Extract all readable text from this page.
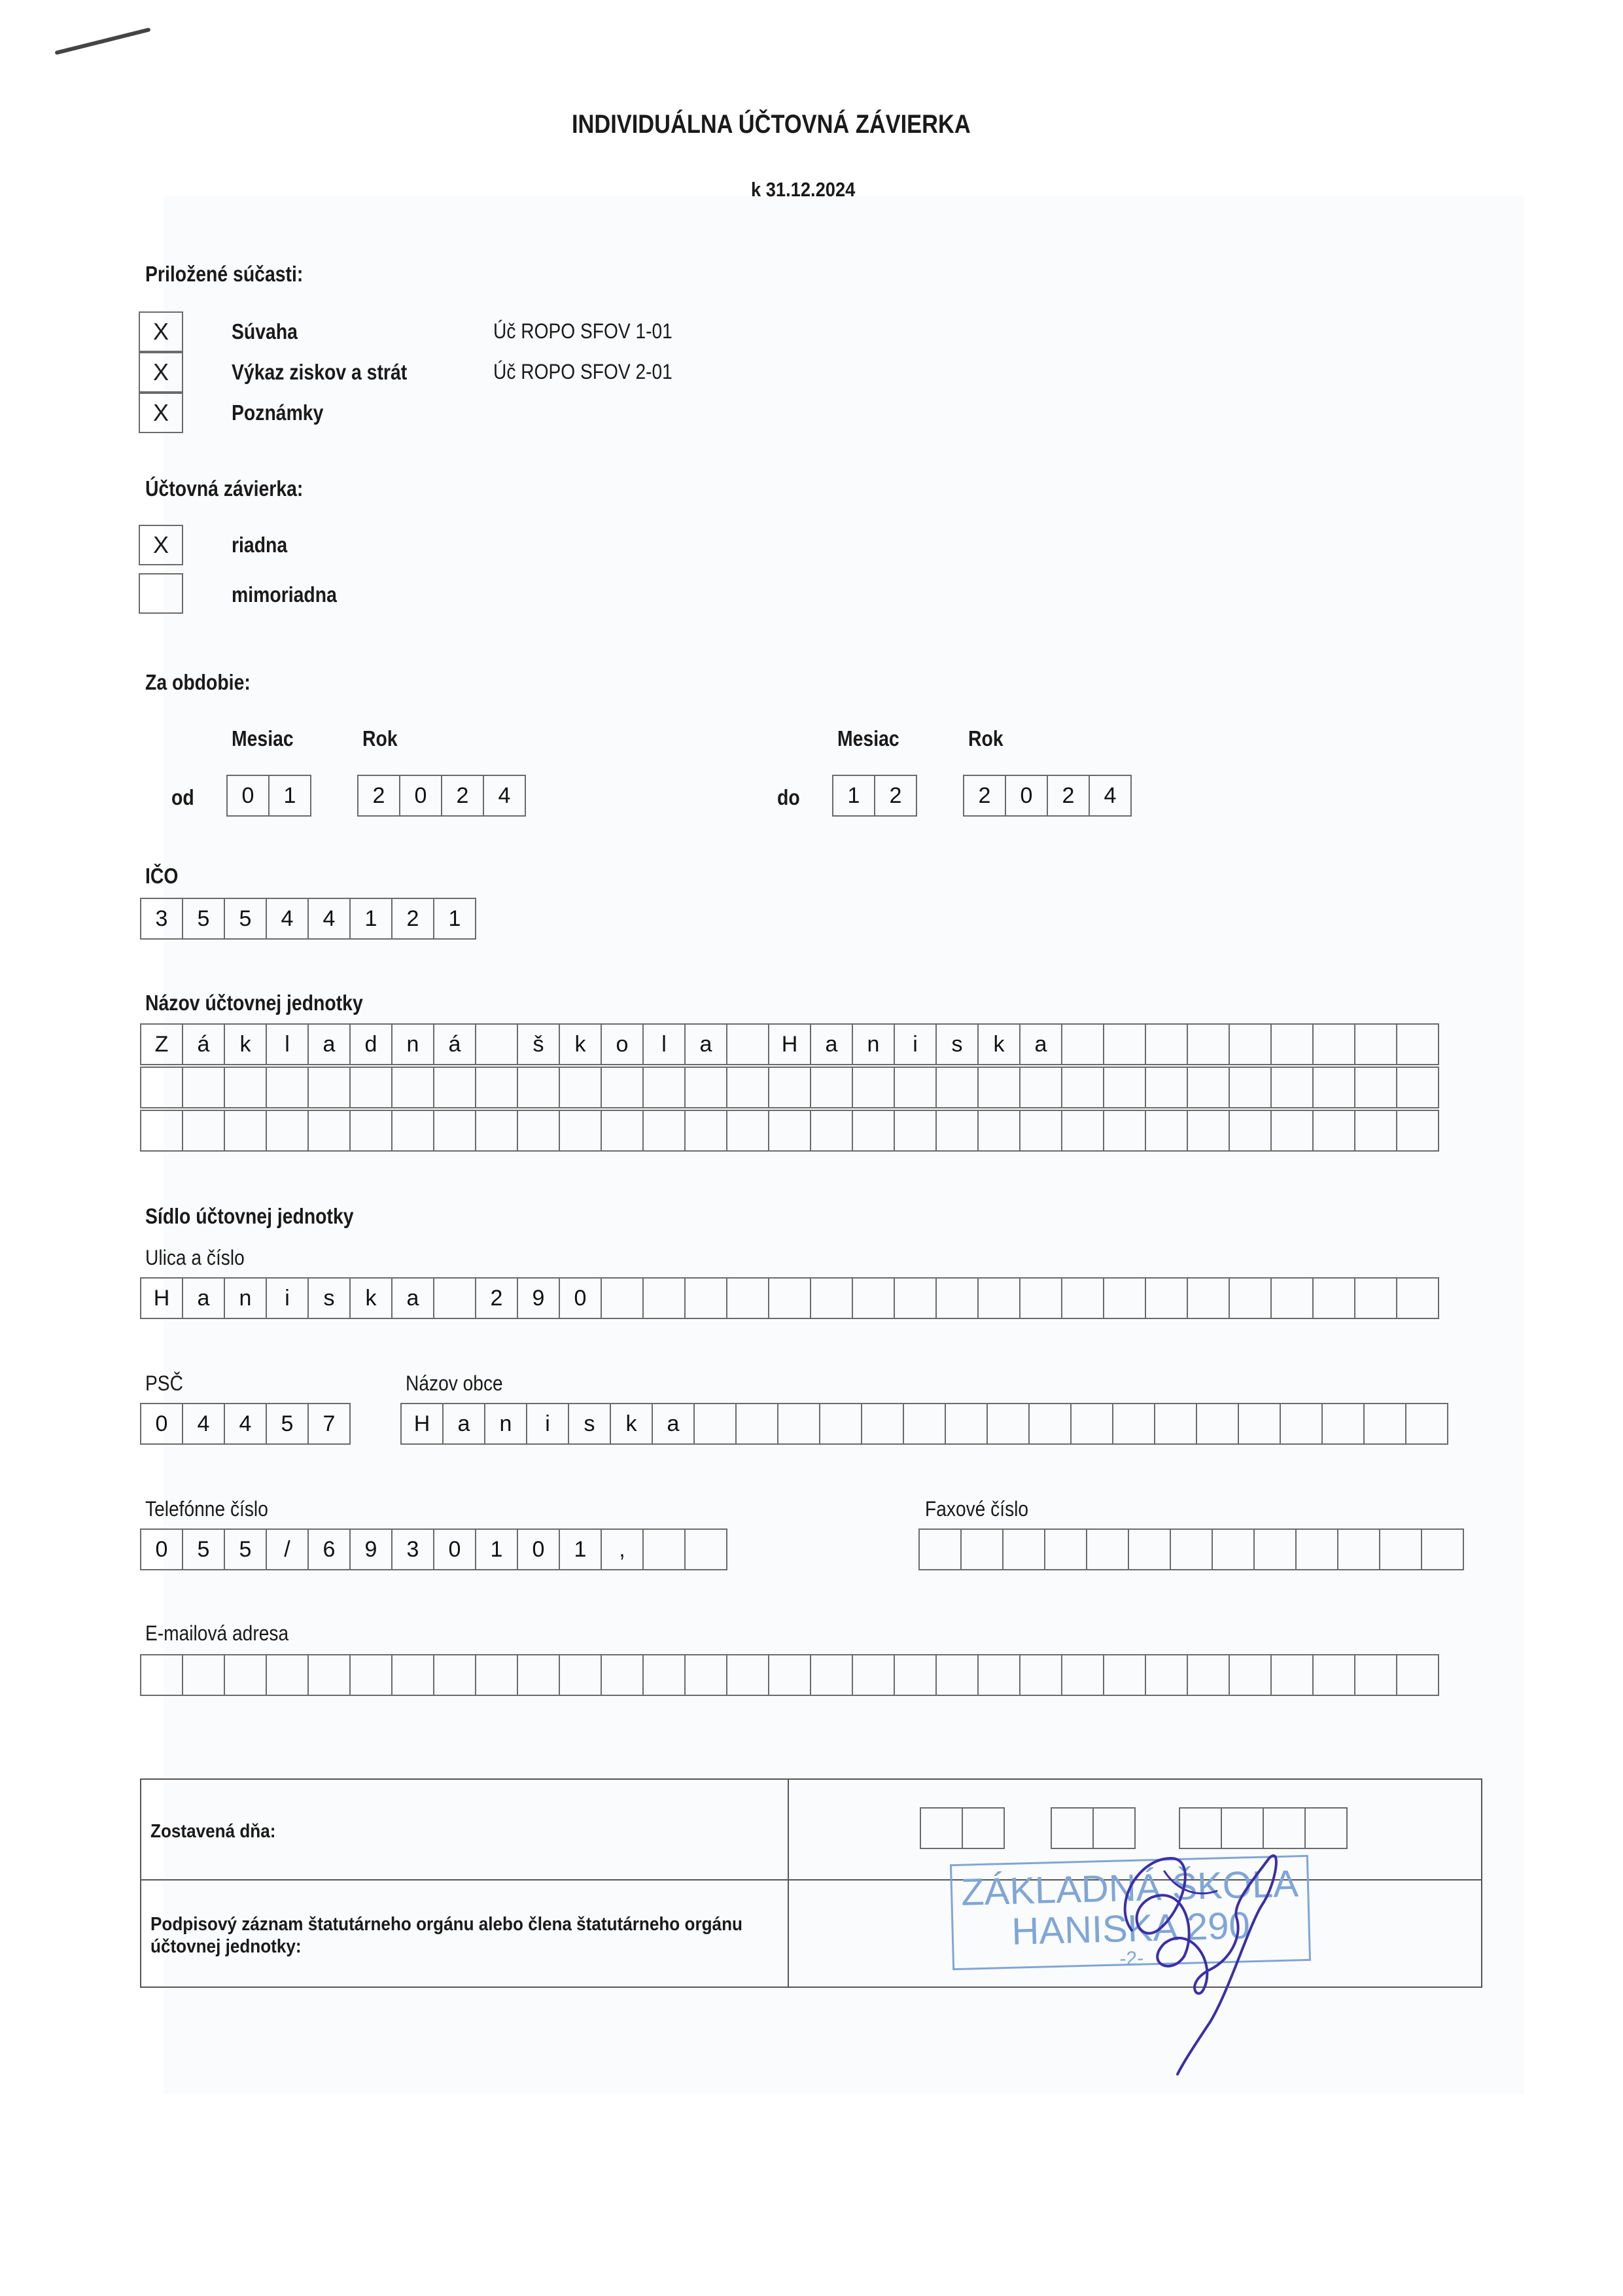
INDIVIDUÁLNA ÚČTOVNÁ ZÁVIERKA
k 31.12.2024
Priložené súčasti:
X	Súvaha	Úč ROPO SFOV 1-01
X	Výkaz ziskov a strát	Úč ROPO SFOV 2-01
X	Poznámky
Účtovná závierka:
X	riadna
mimoriadna
Za obdobie:
Mesiac	Rok	Mesiac	Rok
od	0	1	2	0	2	4	do	1	2	2	0	2	4
IČO
3	5	5	4	4	1	2	1
Názov účtovnej jednotky
Z	á	k	l	a	d	n	á	š	k	o	l	a	H	a	n	i	s	k	a
Sídlo účtovnej jednotky
Ulica a číslo
H	a	n	i	s	k	a	2	9	0
PSČ	Názov obce
0	4	4	5	7	H	a	n	i	s	k	a
Telefónne číslo	Faxové číslo
0	5	5	/	6	9	3	0	1	0	1	,
E-mailová adresa
Zostavená dňa:
Podpisový záznam štatutárneho orgánu alebo člena štatutárneho orgánu účtovnej jednotky:
ZÁKLADNÁ ŠKOLA
HANISKA 290
-2-
